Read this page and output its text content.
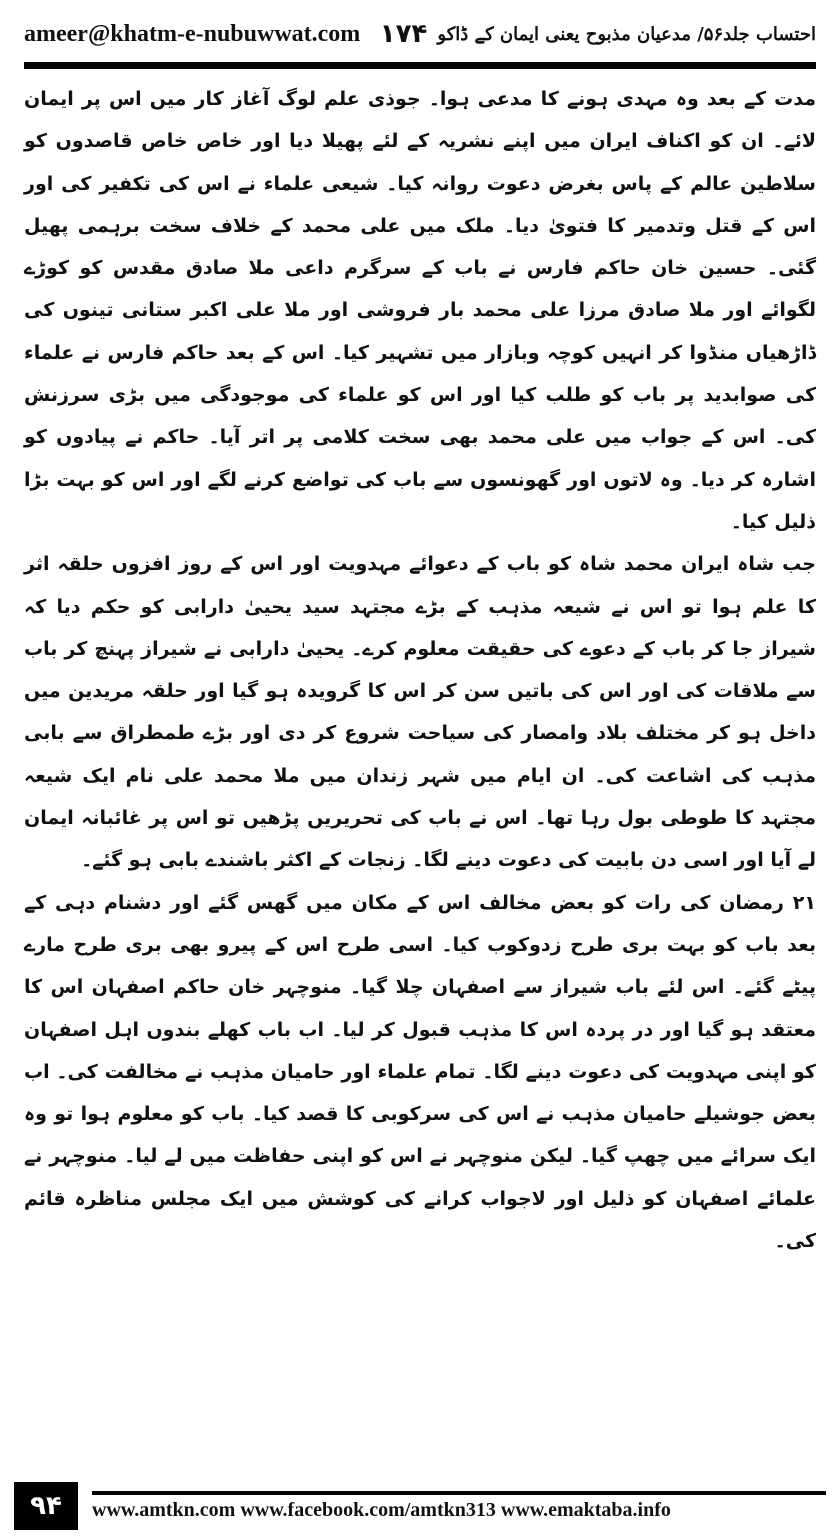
ameer@khatm-e-nubuwwat.com	احتساب جلد۵۶/ مدعیان مذبوح یعنی ایمان کے ڈاکو
۱۷۴

مدت کے بعد وہ مہدی ہونے کا مدعی ہوا۔ جوذی علم لوگ آغاز کار میں اس پر ایمان لائے۔ ان کو اکناف ایران میں اپنے نشریہ کے لئے پھیلا دیا اور خاص خاص قاصدوں کو سلاطین عالم کے پاس بغرض دعوت روانہ کیا۔ شیعی علماء نے اس کی تکفیر کی اور اس کے قتل وتدمیر کا فتویٰ دیا۔ ملک میں علی محمد کے خلاف سخت برہمی پھیل گئی۔ حسین خان حاکم فارس نے باب کے سرگرم داعی ملا صادق مقدس کو کوڑے لگوائے اور ملا صادق مرزا علی محمد بار فروشی اور ملا علی اکبر ستانی تینوں کی ڈاڑھیاں منڈوا کر انہیں کوچہ وبازار میں تشہیر کیا۔ اس کے بعد حاکم فارس نے علماء کی صوابدید پر باب کو طلب کیا اور اس کو علماء کی موجودگی میں بڑی سرزنش کی۔ اس کے جواب میں علی محمد بھی سخت کلامی پر اتر آیا۔ حاکم نے پیادوں کو اشارہ کر دیا۔ وہ لاتوں اور گھونسوں سے باب کی تواضع کرنے لگے اور اس کو بہت بڑا ذلیل کیا۔

جب شاہ ایران محمد شاہ کو باب کے دعوائے مہدویت اور اس کے روز افزوں حلقہ اثر کا علم ہوا تو اس نے شیعہ مذہب کے بڑے مجتہد سید یحییٰ دارابی کو حکم دیا کہ شیراز جا کر باب کے دعوے کی حقیقت معلوم کرے۔ یحییٰ دارابی نے شیراز پہنچ کر باب سے ملاقات کی اور اس کی باتیں سن کر اس کا گرویدہ ہو گیا اور حلقہ مریدین میں داخل ہو کر مختلف بلاد وامصار کی سیاحت شروع کر دی اور بڑے طمطراق سے بابی مذہب کی اشاعت کی۔ ان ایام میں شہر زندان میں ملا محمد علی نام ایک شیعہ مجتہد کا طوطی بول رہا تھا۔ اس نے باب کی تحریریں پڑھیں تو اس پر غائبانہ ایمان لے آیا اور اسی دن بابیت کی دعوت دینے لگا۔ زنجات کے اکثر باشندے بابی ہو گئے۔

۲۱ رمضان کی رات کو بعض مخالف اس کے مکان میں گھس گئے اور دشنام دہی کے بعد باب کو بہت بری طرح زدوکوب کیا۔ اسی طرح اس کے پیرو بھی بری طرح مارے پیٹے گئے۔ اس لئے باب شیراز سے اصفہان چلا گیا۔ منوچہر خان حاکم اصفہان اس کا معتقد ہو گیا اور در پردہ اس کا مذہب قبول کر لیا۔ اب باب کھلے بندوں اہل اصفہان کو اپنی مہدویت کی دعوت دینے لگا۔ تمام علماء اور حامیان مذہب نے مخالفت کی۔ اب بعض جوشیلے حامیان مذہب نے اس کی سرکوبی کا قصد کیا۔ باب کو معلوم ہوا تو وہ ایک سرائے میں چھپ گیا۔ لیکن منوچہر نے اس کو اپنی حفاظت میں لے لیا۔ منوچہر نے علمائے اصفہان کو ذلیل اور لاجواب کرانے کی کوشش میں ایک مجلس مناظرہ قائم کی۔

۹۴	www.amtkn.com www.facebook.com/amtkn313 www.emaktaba.info
